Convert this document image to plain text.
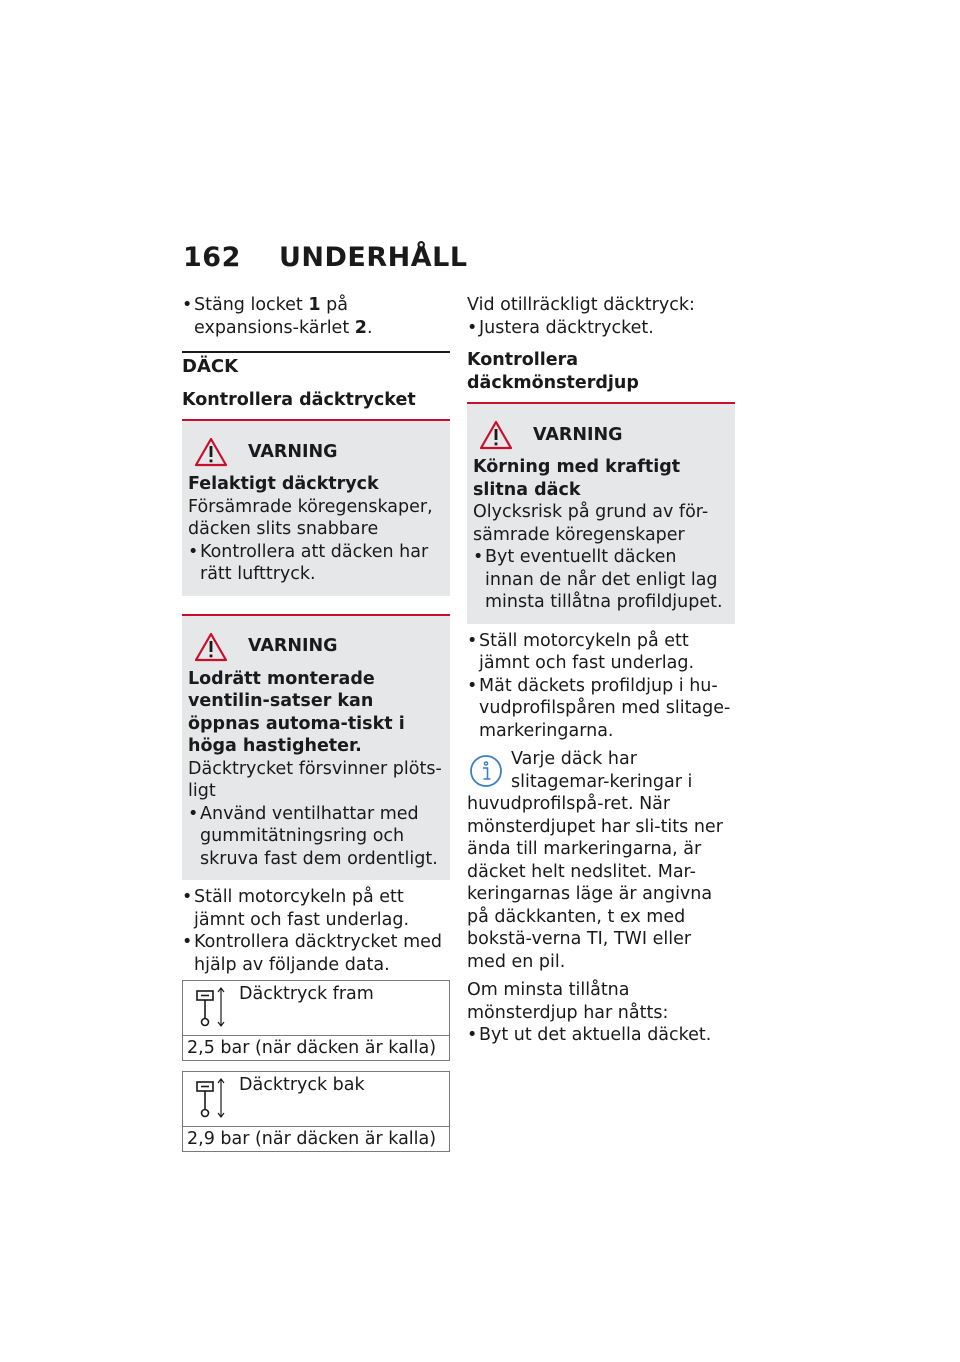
162 UNDERHÅLL

• Stäng locket 1 på expansions-kärlet 2.

DÄCK
Kontrollera däcktrycket
VARNING

Felaktigt däcktryck

Försämrade köregenskaper, däcken slits snabbare

• Kontrollera att däcken har rätt lufttryck.

VARNING

Lodrätt monterade ventilin-satser kan öppnas automa-tiskt i höga hastigheter.

Däcktrycket försvinner plöts-ligt

• Använd ventilhattar med gummitätningsring och skruva fast dem ordentligt.

• Ställ motorcykeln på ett jämnt och fast underlag.

• Kontrollera däcktrycket med hjälp av följande data.

Däcktryck fram

2,5 bar (när däcken är kalla)
Däcktryck bak

2,9 bar (när däcken är kalla)

Vid otillräckligt däcktryck:

• Justera däcktrycket.

Kontrollera däckmönsterdjup
VARNING

Körning med kraftigt slitna däck

Olycksrisk på grund av för-sämrade köregenskaper

• Byt eventuellt däcken innan de når det enligt lag minsta tillåtna profildjupet.

• Ställ motorcykeln på ett jämnt och fast underlag.

• Mät däckets profildjup i hu-vudprofilspåren med slitage-markeringarna.

Varje däck har slitagemar-keringar i huvudprofilspå-ret. När mönsterdjupet har sli-tits ner ända till markeringarna, är däcket helt nedslitet. Mar-keringarnas läge är angivna på däckkanten, t ex med bokstä-verna TI, TWI eller med en pil.

Om minsta tillåtna mönsterdjup har nåtts:

• Byt ut det aktuella däcket.
